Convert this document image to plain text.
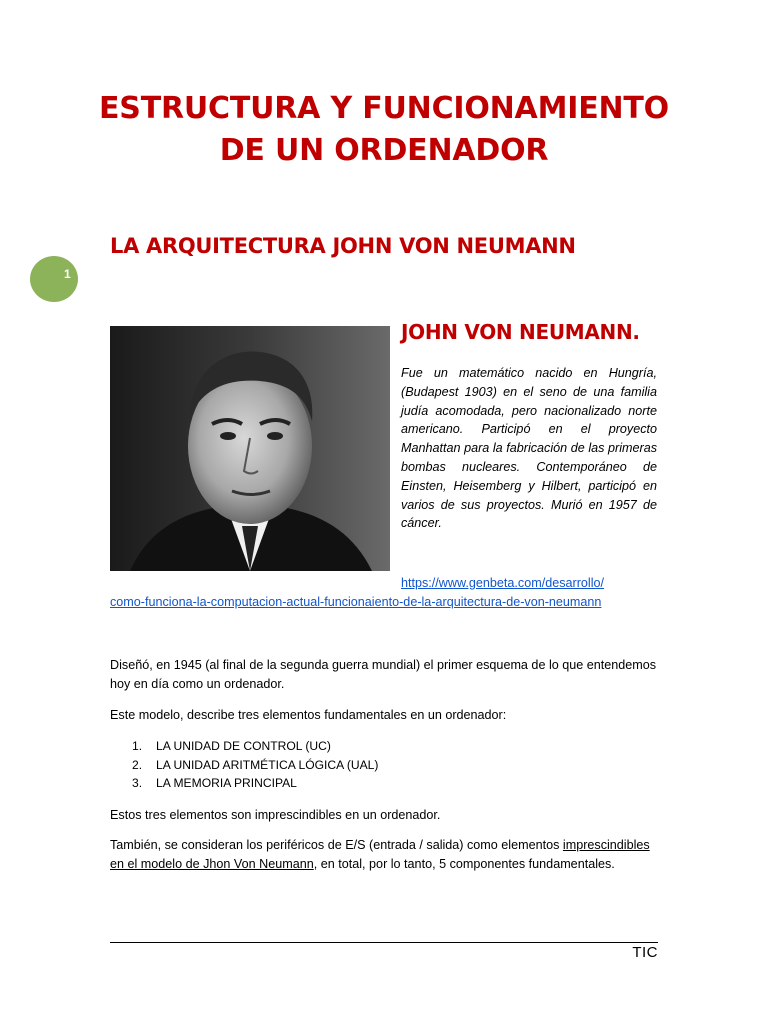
ESTRUCTURA Y FUNCIONAMIENTO
DE UN ORDENADOR
1
LA ARQUITECTURA JOHN VON NEUMANN
JOHN VON NEUMANN.
Fue un matemático nacido en Hungría, (Budapest 1903) en el seno de una familia judía acomodada, pero nacionalizado norte americano. Participó en el proyecto Manhattan para la fabricación de las primeras bombas nucleares. Contemporáneo de Einsten, Heisemberg y Hilbert, participó en varios de sus proyectos. Murió en 1957 de cáncer.
https://www.genbeta.com/desarrollo/
como-funciona-la-computacion-actual-funcionaiento-de-la-arquitectura-de-von-neumann
Diseñó, en 1945 (al final de la segunda guerra mundial) el primer esquema de lo que entendemos hoy en día como un ordenador.
Este modelo, describe tres elementos fundamentales en un ordenador:
1. LA UNIDAD DE CONTROL (UC)
2. LA UNIDAD ARITMÉTICA LÓGICA (UAL)
3. LA MEMORIA PRINCIPAL
Estos tres elementos son imprescindibles en un ordenador.
También, se consideran los periféricos de E/S (entrada / salida) como elementos imprescindibles en el modelo de Jhon Von Neumann, en total, por lo tanto, 5 componentes fundamentales.
TIC
